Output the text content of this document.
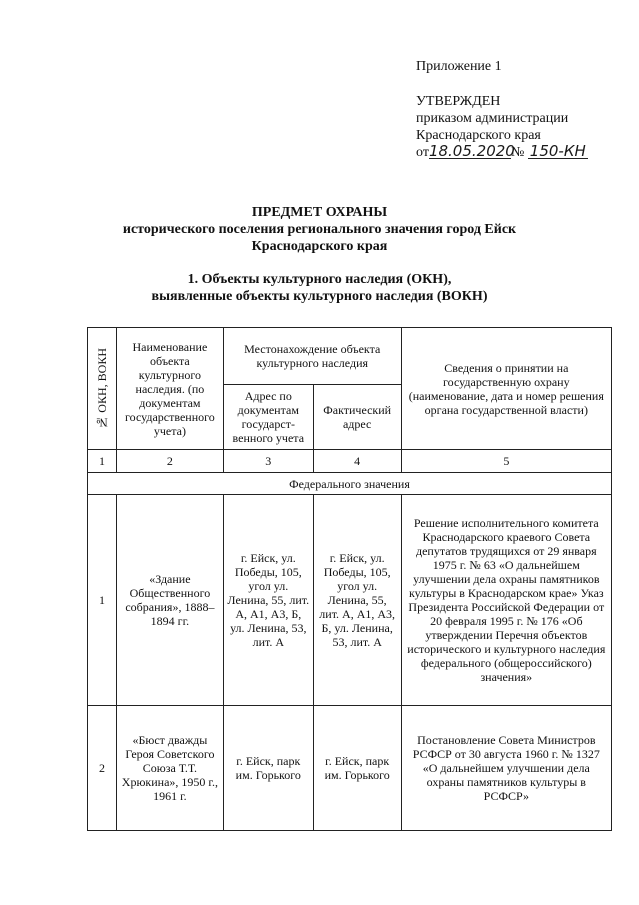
Приложение 1
УТВЕРЖДЕН
приказом администрации
Краснодарского края
от18.05.2020№ 150-КН
ПРЕДМЕТ ОХРАНЫ
исторического поселения регионального значения город Ейск
Краснодарского края
1. Объекты культурного наследия (ОКН),
выявленные объекты культурного наследия (ВОКН)
№ ОКН, ВОКН	Наименование объекта культурного наследия. (по документам государственного учета)	Местонахождение объекта культурного наследия		Сведения о принятии на государственную охрану (наименование, дата и номер решения органа государственной власти)
		Адрес по документам государст-венного учета	Фактический адрес	
1	2	3	4	5
Федерального значения				
1	«Здание Общественного собрания», 1888–1894 гг.	г. Ейск, ул. Победы, 105, угол ул. Ленина, 55, лит. А, А1, А3, Б, ул. Ленина, 53, лит. А	г. Ейск, ул. Победы, 105, угол ул. Ленина, 55, лит. А, А1, А3, Б, ул. Ленина, 53, лит. А	Решение исполнительного комитета Краснодарского краевого Совета депутатов трудящихся от 29 января 1975 г. № 63 «О дальнейшем улучшении дела охраны памятников культуры в Краснодарском крае» Указ Президента Российской Федерации от 20 февраля 1995 г. № 176 «Об утверждении Перечня объектов исторического и культурного наследия федерального (общероссийского) значения»
2	«Бюст дважды Героя Советского Союза Т.Т. Хрюкина», 1950 г., 1961 г.	г. Ейск, парк им. Горького	г. Ейск, парк им. Горького	Постановление Совета Министров РСФСР от 30 августа 1960 г. № 1327 «О дальнейшем улучшении дела охраны памятников культуры в РСФСР»
